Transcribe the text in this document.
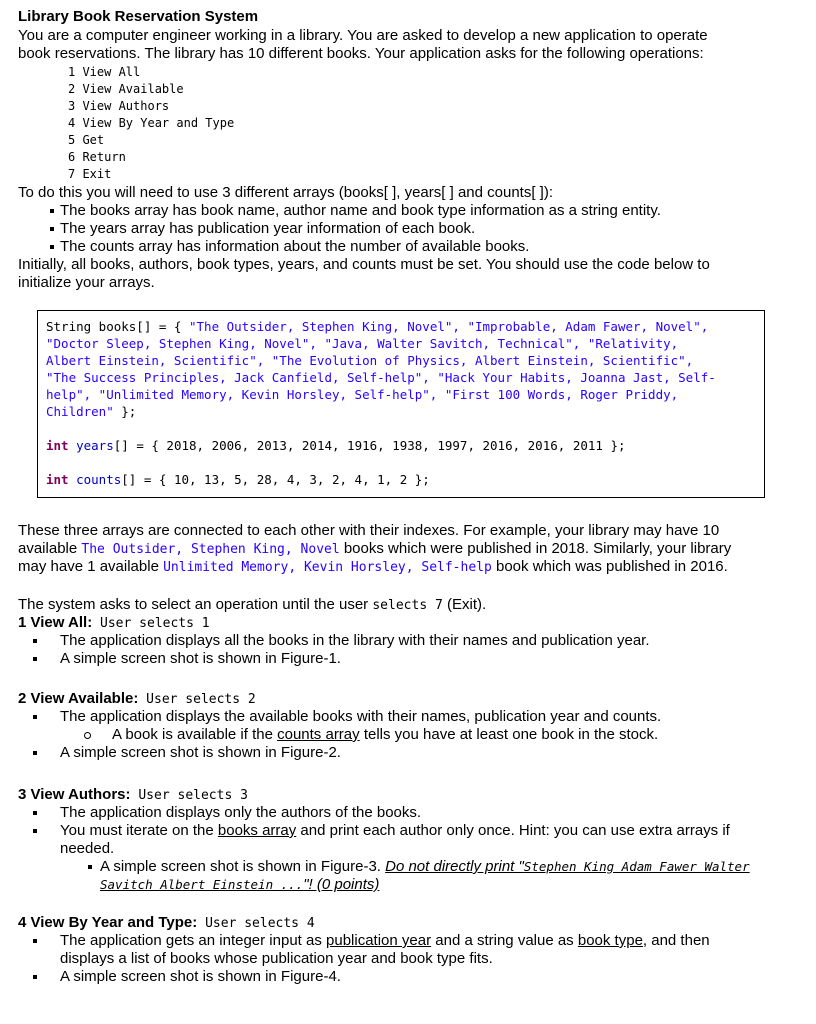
Library Book Reservation System
You are a computer engineer working in a library. You are asked to develop a new application to operate
book reservations. The library has 10 different books. Your application asks for the following operations:
1 View All
2 View Available
3 View Authors
4 View By Year and Type
5 Get
6 Return
7 Exit
To do this you will need to use 3 different arrays (books[ ], years[ ] and counts[ ]):
The books array has book name, author name and book type information as a string entity.
The years array has publication year information of each book.
The counts array has information about the number of available books.
Initially, all books, authors, book types, years, and counts must be set. You should use the code below to
initialize your arrays.
String books[] = { "The Outsider, Stephen King, Novel", "Improbable, Adam Fawer, Novel",
"Doctor Sleep, Stephen King, Novel", "Java, Walter Savitch, Technical", "Relativity,
Albert Einstein, Scientific", "The Evolution of Physics, Albert Einstein, Scientific",
"The Success Principles, Jack Canfield, Self-help", "Hack Your Habits, Joanna Jast, Self-
help", "Unlimited Memory, Kevin Horsley, Self-help", "First 100 Words, Roger Priddy,
Children" };
int years[] = { 2018, 2006, 2013, 2014, 1916, 1938, 1997, 2016, 2016, 2011 };
int counts[] = { 10, 13, 5, 28, 4, 3, 2, 4, 1, 2 };
These three arrays are connected to each other with their indexes. For example, your library may have 10
available The Outsider, Stephen King, Novel books which were published in 2018. Similarly, your library
may have 1 available Unlimited Memory, Kevin Horsley, Self-help book which was published in 2016.
The system asks to select an operation until the user selects 7 (Exit).
1 View All: User selects 1
The application displays all the books in the library with their names and publication year.
A simple screen shot is shown in Figure-1.
2 View Available: User selects 2
The application displays the available books with their names, publication year and counts.
A book is available if the counts array tells you have at least one book in the stock.
A simple screen shot is shown in Figure-2.
3 View Authors: User selects 3
The application displays only the authors of the books.
You must iterate on the books array and print each author only once. Hint: you can use extra arrays if
needed.
A simple screen shot is shown in Figure-3. Do not directly print "Stephen King Adam Fawer Walter
Savitch Albert Einstein ..."! (0 points)
4 View By Year and Type: User selects 4
The application gets an integer input as publication year and a string value as book type, and then
displays a list of books whose publication year and book type fits.
A simple screen shot is shown in Figure-4.
